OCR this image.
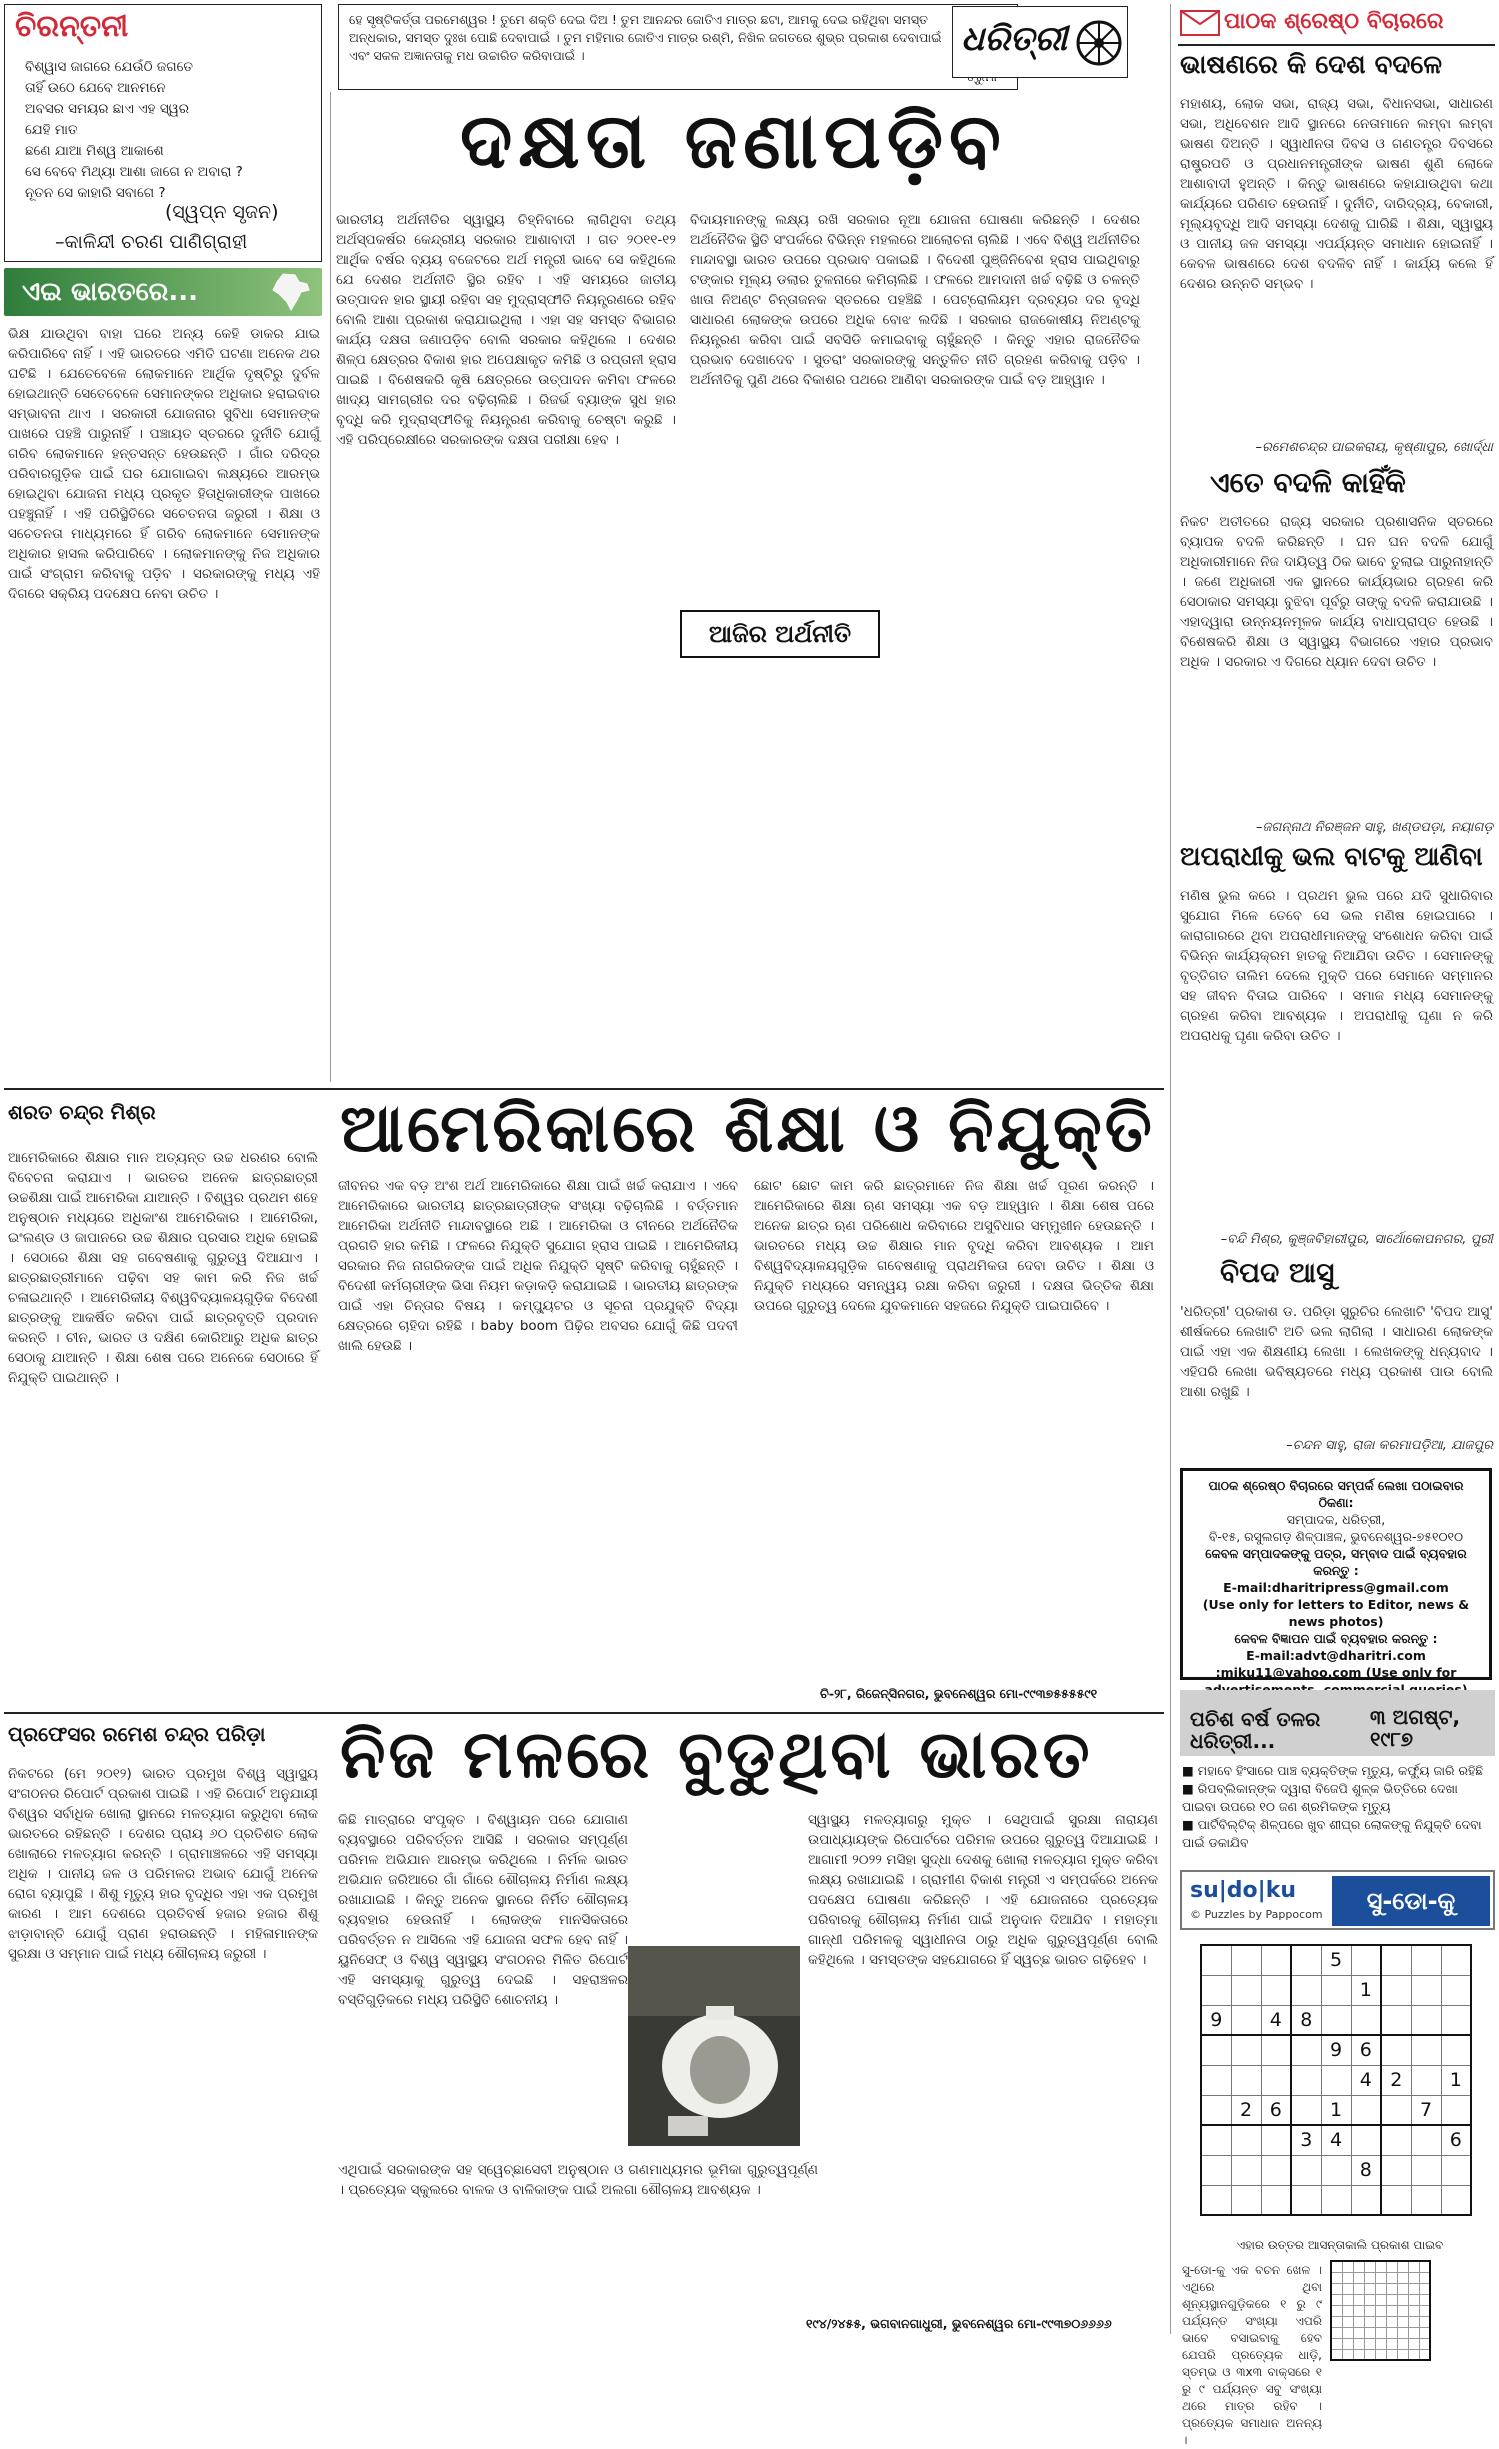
ଚିରନ୍ତନୀ
ବିଶ୍ୱାସ ଜାଗରେ ଯେଉଁଠି ଜଗତେ
ତାହିଁ ଉଠେ ଯେବେ ଆନମନେ
ଅବସର ସମୟର ଛାଏ ଏହ ସ୍ୱର
ଯେହି ମାତ
ଛଣେ ଯାଆ ମିଶ୍ୱ ଆକାଶେ
ସେ ବେବେ ମିଥ୍ୟା ଆଶା ଜାଗେ ନ ଅବାରା ?
ନୂତନ ସେ କାହାରି ସବାଗେ ?
(ସ୍ୱପ୍ନ ସୃଜନ)
–କାଳିନ୍ଦୀ ଚରଣ ପାଣିଗ୍ରାହୀ
ଏଇ ଭାରତରେ...
ଭିକ୍ଷ ଯାଉଥିବା ବାହା ଘରେ ଅନ୍ୟ କେହି ଡାକର ଯାଇ କରିପାରିବେ ନାହିଁ । ଏହି ଭାରତରେ ଏମିତି ଘଟଣା ଅନେକ ଥର ଘଟିଛି । ଯେତେବେଳେ ଲୋକମାନେ ଆର୍ଥିକ ଦୃଷ୍ଟିରୁ ଦୁର୍ବଳ ହୋଇଥାନ୍ତି ସେତେବେଳେ ସେମାନଙ୍କର ଅଧିକାର ହରାଇବାର ସମ୍ଭାବନା ଥାଏ । ସରକାରୀ ଯୋଜନାର ସୁବିଧା ସେମାନଙ୍କ ପାଖରେ ପହଞ୍ଚି ପାରୁନାହିଁ । ପଞ୍ଚାୟତ ସ୍ତରରେ ଦୁର୍ନୀତି ଯୋଗୁଁ ଗରିବ ଲୋକମାନେ ହନ୍ତସନ୍ତ ହେଉଛନ୍ତି । ଗାଁର ଦରିଦ୍ର ପରିବାରଗୁଡ଼ିକ ପାଇଁ ଘର ଯୋଗାଇବା ଲକ୍ଷ୍ୟରେ ଆରମ୍ଭ ହୋଇଥିବା ଯୋଜନା ମଧ୍ୟ ପ୍ରକୃତ ହିତାଧିକାରୀଙ୍କ ପାଖରେ ପହଞ୍ଚୁନାହିଁ । ଏହି ପରିସ୍ଥିତିରେ ସଚେତନତା ଜରୁରୀ । ଶିକ୍ଷା ଓ ସଚେତନତା ମାଧ୍ୟମରେ ହିଁ ଗରିବ ଲୋକମାନେ ସେମାନଙ୍କ ଅଧିକାର ହାସଲ କରିପାରିବେ । ଲୋକମାନଙ୍କୁ ନିଜ ଅଧିକାର ପାଇଁ ସଂଗ୍ରାମ କରିବାକୁ ପଡ଼ିବ । ସରକାରଙ୍କୁ ମଧ୍ୟ ଏହି ଦିଗରେ ସକ୍ରିୟ ପଦକ୍ଷେପ ନେବା ଉଚିତ ।
ହେ ସୃଷ୍ଟିକର୍ତ୍ତା ପରମେଶ୍ୱର ! ତୁମେ ଶକ୍ତି ଦେଇ ଦିଅ ! ତୁମ ଆନନ୍ଦର ଜୋତିଏ ମାତ୍ର ଛଟା, ଆମକୁ ଦେଇ ରହିଥିବା ସମସ୍ତ ଅନ୍ଧକାର, ସମସ୍ତ ଦୁଃଖ ପୋଛି ଦେବାପାଇଁ । ତୁମ ମହିମାର ଜୋତିଏ ମାତ୍ର ରଶ୍ମି, ନିଖିଳ ଜଗତରେ ଶୁଭ୍ର ପ୍ରକାଶ ଦେବାପାଇଁ ଏବଂ ସକଳ ଅଜ୍ଞାନତାକୁ ମଧ ଉଚ୍ଚାରିତ କରିବାପାଇଁ ।	ଧରିତ୍ରୀ
ଦକ୍ଷତା ଜଣାପଡ଼ିବ
ଭାରତୀୟ ଅର୍ଥନୀତିର ସ୍ୱାସ୍ଥ୍ୟ ଚିହ୍ନିବାରେ ଲାଗିଥିବା ତଥ୍ୟ ଅର୍ଥସ୍ପକର୍ଷର କେନ୍ଦ୍ରୀୟ ସରକାର ଆଶାବାଦୀ । ଗତ ୨୦୧୧-୧୨ ଆର୍ଥିକ ବର୍ଷର ବ୍ୟୟ ବଜେଟରେ ଅର୍ଥ ମନ୍ତ୍ରୀ ଭାବେ ସେ କହିଥିଲେ ଯେ ଦେଶର ଅର୍ଥନୀତି ସ୍ଥିର ରହିବ । ଏହି ସମୟରେ ଜାତୀୟ ଉତ୍ପାଦନ ହାର ସ୍ଥାୟୀ ରହିବା ସହ ମୁଦ୍ରାସ୍ଫୀତି ନିୟନ୍ତ୍ରଣରେ ରହିବ ବୋଲି ଆଶା ପ୍ରକାଶ କରାଯାଇଥିଲା । ଏହା ସହ ସମସ୍ତ ବିଭାଗର କାର୍ଯ୍ୟ ଦକ୍ଷତା ଜଣାପଡ଼ିବ ବୋଲି ସରକାର କହିଥିଲେ । ଦେଶର ଶିଳ୍ପ କ୍ଷେତ୍ରର ବିକାଶ ହାର ଅପେକ୍ଷାକୃତ କମିଛି ଓ ରପ୍ତାନୀ ହ୍ରାସ ପାଇଛି । ବିଶେଷକରି କୃଷି କ୍ଷେତ୍ରରେ ଉତ୍ପାଦନ କମିବା ଫଳରେ ଖାଦ୍ୟ ସାମଗ୍ରୀର ଦର ବଢ଼ିଚାଲିଛି । ରିଜର୍ଭ ବ୍ୟାଙ୍କ ସୁଧ ହାର ବୃଦ୍ଧି କରି ମୁଦ୍ରାସ୍ଫୀତିକୁ ନିୟନ୍ତ୍ରଣ କରିବାକୁ ଚେଷ୍ଟା କରୁଛି । ଏହି ପରିପ୍ରେକ୍ଷୀରେ ସରକାରଙ୍କ ଦକ୍ଷତା ପରୀକ୍ଷା ହେବ ।
ବିଦାୟମାନଙ୍କୁ ଲକ୍ଷ୍ୟ ରଖି ସରକାର ନୂଆ ଯୋଜନା ଘୋଷଣା କରିଛନ୍ତି । ଦେଶର ଅର୍ଥନୈତିକ ସ୍ଥିତି ସଂପର୍କରେ ବିଭିନ୍ନ ମହଲରେ ଆଲୋଚନା ଚାଲିଛି । ଏବେ ବିଶ୍ୱ ଅର୍ଥନୀତିର ମାନ୍ଦାବସ୍ଥା ଭାରତ ଉପରେ ପ୍ରଭାବ ପକାଇଛି । ବିଦେଶୀ ପୁଞ୍ଜିନିବେଶ ହ୍ରାସ ପାଇଥିବାରୁ ଟଙ୍କାର ମୂଲ୍ୟ ଡଲାର ତୁଳନାରେ କମିଚାଲିଛି । ଫଳରେ ଆମଦାନୀ ଖର୍ଚ୍ଚ ବଢ଼ିଛି ଓ ଚଳନ୍ତି ଖାତା ନିଅଣ୍ଟ ଚିନ୍ତାଜନକ ସ୍ତରରେ ପହଞ୍ଚିଛି । ପେଟ୍ରୋଲିୟମ ଦ୍ରବ୍ୟର ଦର ବୃଦ୍ଧି ସାଧାରଣ ଲୋକଙ୍କ ଉପରେ ଅଧିକ ବୋଝ ଲଦିଛି । ସରକାର ରାଜକୋଷୀୟ ନିଅଣ୍ଟକୁ ନିୟନ୍ତ୍ରଣ କରିବା ପାଇଁ ସବସିଡି କମାଇବାକୁ ଚାହୁଁଛନ୍ତି । କିନ୍ତୁ ଏହାର ରାଜନୈତିକ ପ୍ରଭାବ ଦେଖାଦେବ । ସୁତରାଂ ସରକାରଙ୍କୁ ସନ୍ତୁଳିତ ନୀତି ଗ୍ରହଣ କରିବାକୁ ପଡ଼ିବ । ଅର୍ଥନୀତିକୁ ପୁଣି ଥରେ ବିକାଶର ପଥରେ ଆଣିବା ସରକାରଙ୍କ ପାଇଁ ବଡ଼ ଆହ୍ୱାନ ।
ଆଜିର ଅର୍ଥନୀତି
ପାଠକ ଶ୍ରେଷ୍ଠ ବିଚାରରେ
ଭାଷଣରେ କି ଦେଶ ବଦଳେ
ମହାଶୟ, ଲୋକ ସଭା, ରାଜ୍ୟ ସଭା, ବିଧାନସଭା, ସାଧାରଣ ସଭା, ଅଧିବେଶନ ଆଦି ସ୍ଥାନରେ ନେତାମାନେ ଲମ୍ବା ଲମ୍ବା ଭାଷଣ ଦିଅନ୍ତି । ସ୍ୱାଧୀନତା ଦିବସ ଓ ଗଣତନ୍ତ୍ର ଦିବସରେ ରାଷ୍ଟ୍ରପତି ଓ ପ୍ରଧାନମନ୍ତ୍ରୀଙ୍କ ଭାଷଣ ଶୁଣି ଲୋକେ ଆଶାବାଦୀ ହୁଅନ୍ତି । କିନ୍ତୁ ଭାଷଣରେ କହାଯାଉଥିବା କଥା କାର୍ଯ୍ୟରେ ପରିଣତ ହେଉନାହିଁ । ଦୁର୍ନୀତି, ଦାରିଦ୍ର୍ୟ, ବେକାରୀ, ମୂଲ୍ୟବୃଦ୍ଧି ଆଦି ସମସ୍ୟା ଦେଶକୁ ଘାରିଛି । ଶିକ୍ଷା, ସ୍ୱାସ୍ଥ୍ୟ ଓ ପାନୀୟ ଜଳ ସମସ୍ୟା ଏପର୍ଯ୍ୟନ୍ତ ସମାଧାନ ହୋଇନାହିଁ । କେବଳ ଭାଷଣରେ ଦେଶ ବଦଳିବ ନାହିଁ । କାର୍ଯ୍ୟ କଲେ ହିଁ ଦେଶର ଉନ୍ନତି ସମ୍ଭବ ।
–ରମେଶଚନ୍ଦ୍ର ପାଇକରାୟ, କୃଷ୍ଣାପୁର, ଖୋର୍ଦ୍ଧା
ଏତେ ବଦଳି କାହିଁକି
ନିକଟ ଅତୀତରେ ରାଜ୍ୟ ସରକାର ପ୍ରଶାସନିକ ସ୍ତରରେ ବ୍ୟାପକ ବଦଳି କରିଛନ୍ତି । ଘନ ଘନ ବଦଳି ଯୋଗୁଁ ଅଧିକାରୀମାନେ ନିଜ ଦାୟିତ୍ୱ ଠିକ ଭାବେ ତୁଲାଇ ପାରୁନାହାନ୍ତି । ଜଣେ ଅଧିକାରୀ ଏକ ସ୍ଥାନରେ କାର୍ଯ୍ୟଭାର ଗ୍ରହଣ କରି ସେଠାକାର ସମସ୍ୟା ବୁଝିବା ପୂର୍ବରୁ ତାଙ୍କୁ ବଦଳି କରାଯାଉଛି । ଏହାଦ୍ୱାରା ଉନ୍ନୟନମୂଳକ କାର୍ଯ୍ୟ ବାଧାପ୍ରାପ୍ତ ହେଉଛି । ବିଶେଷକରି ଶିକ୍ଷା ଓ ସ୍ୱାସ୍ଥ୍ୟ ବିଭାଗରେ ଏହାର ପ୍ରଭାବ ଅଧିକ । ସରକାର ଏ ଦିଗରେ ଧ୍ୟାନ ଦେବା ଉଚିତ ।
–ଜଗନ୍ନାଥ ନିରଞ୍ଜନ ସାହୁ, ଖଣ୍ଡପଡ଼ା, ନୟାଗଡ଼
ଅପରାଧୀକୁ ଭଲ ବାଟକୁ ଆଣିବା
ମଣିଷ ଭୁଲ କରେ । ପ୍ରଥମ ଭୁଲ ପରେ ଯଦି ସୁଧାରିବାର ସୁଯୋଗ ମିଳେ ତେବେ ସେ ଭଲ ମଣିଷ ହୋଇପାରେ । କାରାଗାରରେ ଥିବା ଅପରାଧୀମାନଙ୍କୁ ସଂଶୋଧନ କରିବା ପାଇଁ ବିଭିନ୍ନ କାର୍ଯ୍ୟକ୍ରମ ହାତକୁ ନିଆଯିବା ଉଚିତ । ସେମାନଙ୍କୁ ବୃତ୍ତିଗତ ତାଲିମ ଦେଲେ ମୁକ୍ତି ପରେ ସେମାନେ ସମ୍ମାନର ସହ ଜୀବନ ବିତାଇ ପାରିବେ । ସମାଜ ମଧ୍ୟ ସେମାନଙ୍କୁ ଗ୍ରହଣ କରିବା ଆବଶ୍ୟକ । ଅପରାଧୀକୁ ଘୃଣା ନ କରି ଅପରାଧକୁ ଘୃଣା କରିବା ଉଚିତ ।
–ବନ୍ଦି ମିଶ୍ର, କୁଞ୍ଜବିହାରୀପୁର, ସାର୍ଥୋକୋପନଗର, ପୁରୀ
ବିପଦ ଆସୁ
'ଧରିତ୍ରୀ' ପ୍ରକାଶ ଡ. ପରିଡ଼ା ସୁରୁଚିର ଲେଖାଟି 'ବିପଦ ଆସୁ' ଶୀର୍ଷକରେ ଲେଖାଟି ଅତି ଭଲ ଲାଗିଲା । ସାଧାରଣ ଲୋକଙ୍କ ପାଇଁ ଏହା ଏକ ଶିକ୍ଷଣୀୟ ଲେଖା । ଲେଖକଙ୍କୁ ଧନ୍ୟବାଦ । ଏହିପରି ଲେଖା ଭବିଷ୍ୟତରେ ମଧ୍ୟ ପ୍ରକାଶ ପାଉ ବୋଲି ଆଶା ରଖୁଛି ।
–ଚନ୍ଦନ ସାହୁ, ରାଜା କରମାପଡ଼ିଆ, ଯାଜପୁର
ପାଠକ ଶ୍ରେଷ୍ଠ ବିଚାରରେ ସମ୍ପର୍କ ଲେଖା ପଠାଇବାର ଠିକଣା:
ସମ୍ପାଦକ, ଧରିତ୍ରୀ,
ବି-୧୫, ରସୁଲଗଡ଼ ଶିଳ୍ପାଞ୍ଚଳ, ଭୁବନେଶ୍ୱର-୭୫୧୦୧୦
କେବଳ ସମ୍ପାଦକଙ୍କୁ ପତ୍ର, ସମ୍ବାଦ ପାଇଁ ବ୍ୟବହାର କରନ୍ତୁ :
E-mail:dharitripress@gmail.com
(Use only for letters to Editor, news & news photos)
କେବଳ ବିଜ୍ଞାପନ ପାଇଁ ବ୍ୟବହାର କରନ୍ତୁ :
E-mail:advt@dharitri.com
:miku11@yahoo.com (Use only for
ପଚିଶ ବର୍ଷ ତଳର ଧରିତ୍ରୀ...
୩ ଅଗଷ୍ଟ, ୧୯୮୭
■ ମହାବେ ହିଂସାରେ ପାଞ୍ଚ ବ୍ୟକ୍ତିଙ୍କ ମୃତ୍ୟୁ, କର୍ଫ୍ୟୁ ଜାରି ରହିଛି
■ ରିପବ୍ଲିକାନ୍ଙ୍କ ଦ୍ୱାରା ବିଜେପି ଶୁଳ୍କ ଭିତ୍ତିରେ ଦେଖା ପାଇବା ଉପରେ ୧୦ ଜଣ ଶ୍ରମିକଙ୍କ ମୃତ୍ୟୁ
■ ପାର୍ଟିବିଲ୍ଟିକ୍ ଶିଳ୍ପରେ ଖୁବ ଶୀଘ୍ର ଲୋକଙ୍କୁ ନିଯୁକ୍ତି ଦେବା ପାଇଁ ଡକାଯିବ
su|do|ku
© Puzzles by Pappocom	ସୁ-ଡୋ-କୁ
				5				
					1			
9		4	8					
				9	6			
					4	2		1
	2	6		1			7	
			3	4				6
					8			

ଏହାର ଉତ୍ତର ଆସନ୍ତାକାଲି ପ୍ରକାଶ ପାଇବ
ସୁ-ଡୋ-କୁ ଏକ ବଚନ ଖେଳ । ଏଥିରେ ଥିବା ଶୂନ୍ୟସ୍ଥାନଗୁଡ଼ିକରେ ୧ ରୁ ୯ ପର୍ଯ୍ୟନ୍ତ ସଂଖ୍ୟା ଏପରି ଭାବେ ବସାଇବାକୁ ହେବ ଯେପରି ପ୍ରତ୍ୟେକ ଧାଡ଼ି, ସ୍ତମ୍ଭ ଓ ୩x୩ ବାକ୍ସରେ ୧ ରୁ ୯ ପର୍ଯ୍ୟନ୍ତ ସବୁ ସଂଖ୍ୟା ଥରେ ମାତ୍ର ରହିବ । ପ୍ରତ୍ୟେକ ସମାଧାନ ଅନନ୍ୟ ।

ଶରତ ଚନ୍ଦ୍ର ମିଶ୍ର	ଆମେରିକାରେ ଶିକ୍ଷା ଓ ନିଯୁକ୍ତି
ଆମେରିକାରେ ଶିକ୍ଷାର ମାନ ଅତ୍ୟନ୍ତ ଉଚ୍ଚ ଧରଣର ବୋଲି ବିବେଚନା କରାଯାଏ । ଭାରତର ଅନେକ ଛାତ୍ରଛାତ୍ରୀ ଉଚ୍ଚଶିକ୍ଷା ପାଇଁ ଆମେରିକା ଯାଆନ୍ତି । ବିଶ୍ୱର ପ୍ରଥମ ଶହେ ଅନୁଷ୍ଠାନ ମଧ୍ୟରେ ଅଧିକାଂଶ ଆମେରିକାର । ଆମେରିକା, ଇଂଲଣ୍ଡ ଓ ଜାପାନରେ ଉଚ୍ଚ ଶିକ୍ଷାର ପ୍ରସାର ଅଧିକ ହୋଇଛି । ସେଠାରେ ଶିକ୍ଷା ସହ ଗବେଷଣାକୁ ଗୁରୁତ୍ୱ ଦିଆଯାଏ । ଛାତ୍ରଛାତ୍ରୀମାନେ ପଢ଼ିବା ସହ କାମ କରି ନିଜ ଖର୍ଚ୍ଚ ଚଳାଇଥାନ୍ତି । ଆମେରିକୀୟ ବିଶ୍ୱବିଦ୍ୟାଳୟଗୁଡ଼ିକ ବିଦେଶୀ ଛାତ୍ରଙ୍କୁ ଆକର୍ଷିତ କରିବା ପାଇଁ ଛାତ୍ରବୃତ୍ତି ପ୍ରଦାନ କରନ୍ତି । ଚୀନ, ଭାରତ ଓ ଦକ୍ଷିଣ କୋରିଆରୁ ଅଧିକ ଛାତ୍ର ସେଠାକୁ ଯାଆନ୍ତି । ଶିକ୍ଷା ଶେଷ ପରେ ଅନେକେ ସେଠାରେ ହିଁ ନିଯୁକ୍ତି ପାଇଥାନ୍ତି ।
ଜୀବନର ଏକ ବଡ଼ ଅଂଶ ଅର୍ଥ ଆମେରିକାରେ ଶିକ୍ଷା ପାଇଁ ଖର୍ଚ୍ଚ କରାଯାଏ । ଏବେ ଆମେରିକାରେ ଭାରତୀୟ ଛାତ୍ରଛାତ୍ରୀଙ୍କ ସଂଖ୍ୟା ବଢ଼ିଚାଲିଛି । ବର୍ତ୍ତମାନ ଆମେରିକା ଅର୍ଥନୀତି ମାନ୍ଦାବସ୍ଥାରେ ଅଛି । ଆମେରିକା ଓ ଚୀନରେ ଅର୍ଥନୈତିକ ପ୍ରଗତି ହାର କମିଛି । ଫଳରେ ନିଯୁକ୍ତି ସୁଯୋଗ ହ୍ରାସ ପାଇଛି । ଆମେରିକୀୟ ସରକାର ନିଜ ନାଗରିକଙ୍କ ପାଇଁ ଅଧିକ ନିଯୁକ୍ତି ସୃଷ୍ଟି କରିବାକୁ ଚାହୁଁଛନ୍ତି । ବିଦେଶୀ କର୍ମଚାରୀଙ୍କ ଭିସା ନିୟମ କଡ଼ାକଡ଼ି କରାଯାଇଛି । ଭାରତୀୟ ଛାତ୍ରଙ୍କ ପାଇଁ ଏହା ଚିନ୍ତାର ବିଷୟ । କମ୍ପ୍ୟୁଟର ଓ ସୂଚନା ପ୍ରଯୁକ୍ତି ବିଦ୍ୟା କ୍ଷେତ୍ରରେ ଚାହିଦା ରହିଛି । baby boom ପିଢ଼ିର ଅବସର ଯୋଗୁଁ କିଛି ପଦବୀ ଖାଲି ହେଉଛି ।
ଛୋଟ ଛୋଟ କାମ କରି ଛାତ୍ରମାନେ ନିଜ ଶିକ୍ଷା ଖର୍ଚ୍ଚ ପୂରଣ କରନ୍ତି । ଆମେରିକାରେ ଶିକ୍ଷା ଋଣ ସମସ୍ୟା ଏକ ବଡ଼ ଆହ୍ୱାନ । ଶିକ୍ଷା ଶେଷ ପରେ ଅନେକ ଛାତ୍ର ଋଣ ପରିଶୋଧ କରିବାରେ ଅସୁବିଧାର ସମ୍ମୁଖୀନ ହେଉଛନ୍ତି । ଭାରତରେ ମଧ୍ୟ ଉଚ୍ଚ ଶିକ୍ଷାର ମାନ ବୃଦ୍ଧି କରିବା ଆବଶ୍ୟକ । ଆମ ବିଶ୍ୱବିଦ୍ୟାଳୟଗୁଡ଼ିକ ଗବେଷଣାକୁ ପ୍ରାଥମିକତା ଦେବା ଉଚିତ । ଶିକ୍ଷା ଓ ନିଯୁକ୍ତି ମଧ୍ୟରେ ସମନ୍ୱୟ ରକ୍ଷା କରିବା ଜରୁରୀ । ଦକ୍ଷତା ଭିତ୍ତିକ ଶିକ୍ଷା ଉପରେ ଗୁରୁତ୍ୱ ଦେଲେ ଯୁବକମାନେ ସହଜରେ ନିଯୁକ୍ତି ପାଇପାରିବେ ।
ଚି-୨୮, ରିଜେନ୍ସିନଗର, ଭୁବନେଶ୍ୱର ମୋ-୯୯୩୭୫୫୫୫୯୧
ପ୍ରଫେସର ରମେଶ ଚନ୍ଦ୍ର ପରିଡ଼ା ନିଜ ମଳରେ ବୁଡୁଥିବା ଭାରତ
ନିକଟରେ (ମେ ୨୦୧୨) ଭାରତ ପ୍ରମୁଖ ବିଶ୍ୱ ସ୍ୱାସ୍ଥ୍ୟ ସଂଗଠନର ରିପୋର୍ଟ ପ୍ରକାଶ ପାଇଛି । ଏହି ରିପୋର୍ଟ ଅନୁଯାୟୀ ବିଶ୍ୱର ସର୍ବାଧିକ ଖୋଲା ସ୍ଥାନରେ ମଳତ୍ୟାଗ କରୁଥିବା ଲୋକ ଭାରତରେ ରହିଛନ୍ତି । ଦେଶର ପ୍ରାୟ ୬୦ ପ୍ରତିଶତ ଲୋକ ଖୋଲାରେ ମଳତ୍ୟାଗ କରନ୍ତି । ଗ୍ରାମାଞ୍ଚଳରେ ଏହି ସମସ୍ୟା ଅଧିକ । ପାନୀୟ ଜଳ ଓ ପରିମଳର ଅଭାବ ଯୋଗୁଁ ଅନେକ ରୋଗ ବ୍ୟାପୁଛି । ଶିଶୁ ମୃତ୍ୟୁ ହାର ବୃଦ୍ଧିର ଏହା ଏକ ପ୍ରମୁଖ କାରଣ । ଆମ ଦେଶରେ ପ୍ରତିବର୍ଷ ହଜାର ହଜାର ଶିଶୁ ଝାଡ଼ାବାନ୍ତି ଯୋଗୁଁ ପ୍ରାଣ ହରାଉଛନ୍ତି । ମହିଳାମାନଙ୍କ ସୁରକ୍ଷା ଓ ସମ୍ମାନ ପାଇଁ ମଧ୍ୟ ଶୌଚାଳୟ ଜରୁରୀ ।
କିଛି ମାତ୍ରାରେ ସଂପୃକ୍ତ । ବିଶ୍ୱାୟନ ପରେ ଯୋଗାଣ ବ୍ୟବସ୍ଥାରେ ପରିବର୍ତ୍ତନ ଆସିଛି । ସରକାର ସମ୍ପୂର୍ଣ୍ଣ ପରିମଳ ଅଭିଯାନ ଆରମ୍ଭ କରିଥିଲେ । ନିର୍ମଳ ଭାରତ ଅଭିଯାନ ଜରିଆରେ ଗାଁ ଗାଁରେ ଶୌଚାଳୟ ନିର୍ମାଣ ଲକ୍ଷ୍ୟ ରଖାଯାଇଛି । କିନ୍ତୁ ଅନେକ ସ୍ଥାନରେ ନିର୍ମିତ ଶୌଚାଳୟ ବ୍ୟବହାର ହେଉନାହିଁ । ଲୋକଙ୍କ ମାନସିକତାରେ ପରିବର୍ତ୍ତନ ନ ଆସିଲେ ଏହି ଯୋଜନା ସଫଳ ହେବ ନାହିଁ । ୟୁନିସେଫ୍ ଓ ବିଶ୍ୱ ସ୍ୱାସ୍ଥ୍ୟ ସଂଗଠନର ମିଳିତ ରିପୋର୍ଟ ଏହି ସମସ୍ୟାକୁ ଗୁରୁତ୍ୱ ଦେଇଛି । ସହରାଞ୍ଚଳର ବସ୍ତିଗୁଡ଼ିକରେ ମଧ୍ୟ ପରିସ୍ଥିତି ଶୋଚନୀୟ ।
ଏଥିପାଇଁ ସରକାରଙ୍କ ସହ ସ୍ୱେଚ୍ଛାସେବୀ ଅନୁଷ୍ଠାନ ଓ ଗଣମାଧ୍ୟମର ଭୂମିକା ଗୁରୁତ୍ୱପୂର୍ଣ୍ଣ । ପ୍ରତ୍ୟେକ ସ୍କୁଲରେ ବାଳକ ଓ ବାଳିକାଙ୍କ ପାଇଁ ଅଲଗା ଶୌଚାଳୟ ଆବଶ୍ୟକ ।
ସ୍ୱାସ୍ଥ୍ୟ ମଳତ୍ୟାଗରୁ ମୁକ୍ତ । ସେଥିପାଇଁ ସୁରକ୍ଷା ନାରାୟଣ ଉପାଧ୍ୟାୟଙ୍କ ରିପୋର୍ଟରେ ପରିମଳ ଉପରେ ଗୁରୁତ୍ୱ ଦିଆଯାଇଛି । ଆଗାମୀ ୨୦୨୨ ମସିହା ସୁଦ୍ଧା ଦେଶକୁ ଖୋଲା ମଳତ୍ୟାଗ ମୁକ୍ତ କରିବା ଲକ୍ଷ୍ୟ ରଖାଯାଇଛି । ଗ୍ରାମୀଣ ବିକାଶ ମନ୍ତ୍ରୀ ଏ ସମ୍ପର୍କରେ ଅନେକ ପଦକ୍ଷେପ ଘୋଷଣା କରିଛନ୍ତି । ଏହି ଯୋଜନାରେ ପ୍ରତ୍ୟେକ ପରିବାରକୁ ଶୌଚାଳୟ ନିର୍ମାଣ ପାଇଁ ଅନୁଦାନ ଦିଆଯିବ । ମହାତ୍ମା ଗାନ୍ଧୀ ପରିମଳକୁ ସ୍ୱାଧୀନତା ଠାରୁ ଅଧିକ ଗୁରୁତ୍ୱପୂର୍ଣ୍ଣ ବୋଲି କହିଥିଲେ । ସମସ୍ତଙ୍କ ସହଯୋଗରେ ହିଁ ସ୍ୱଚ୍ଛ ଭାରତ ଗଢ଼ିହେବ ।
୧୯୪/୨୪୫୫, ଭଗବାନଗାଧୁରୀ, ଭୁବନେଶ୍ୱର ମୋ-୯୯୩୭୦୬୬୬୬
